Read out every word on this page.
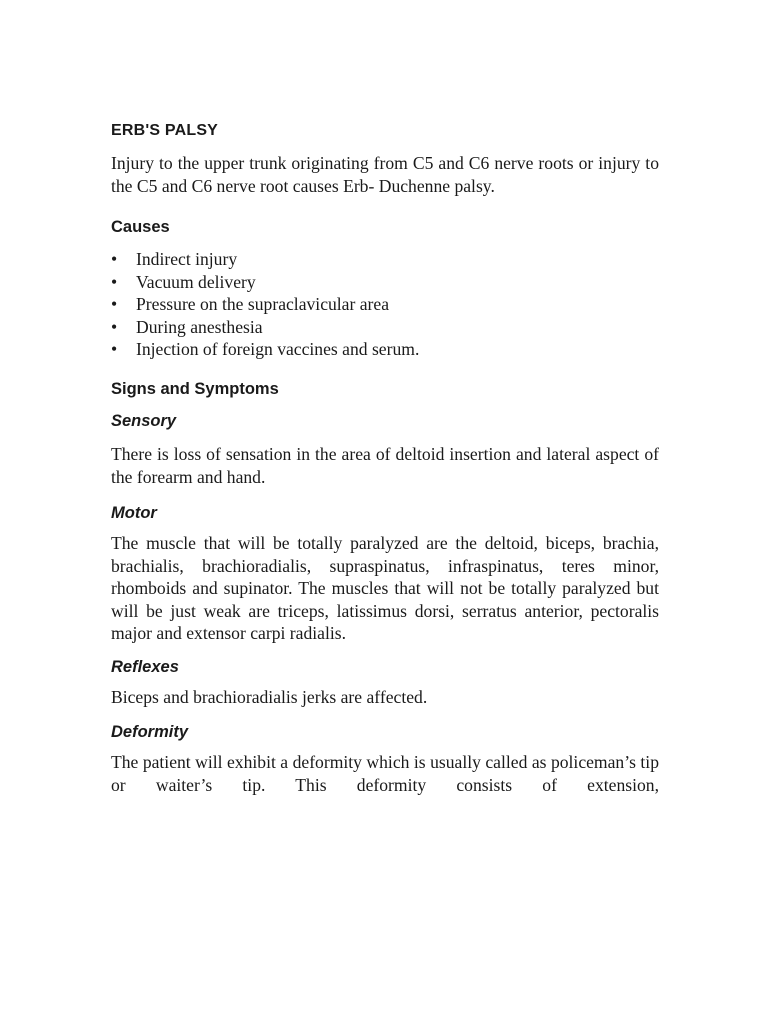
ERB'S PALSY

Injury to the upper trunk originating from C5 and C6 nerve roots or injury to the C5 and C6 nerve root causes Erb- Duchenne palsy.

Causes
• Indirect injury
• Vacuum delivery
• Pressure on the supraclavicular area
• During anesthesia
• Injection of foreign vaccines and serum.
Signs and Symptoms
Sensory

There is loss of sensation in the area of deltoid insertion and lateral aspect of the forearm and hand.

Motor

The muscle that will be totally paralyzed are the deltoid, biceps, brachia, brachialis, brachioradialis, supraspinatus, infraspinatus, teres minor, rhomboids and supinator. The muscles that will not be totally paralyzed but will be just weak are triceps, latissimus dorsi, serratus anterior, pectoralis major and extensor carpi radialis.

Reflexes

Biceps and brachioradialis jerks are affected.

Deformity

The patient will exhibit a deformity which is usually called as policeman’s tip or waiter’s tip. This deformity consists of extension,
